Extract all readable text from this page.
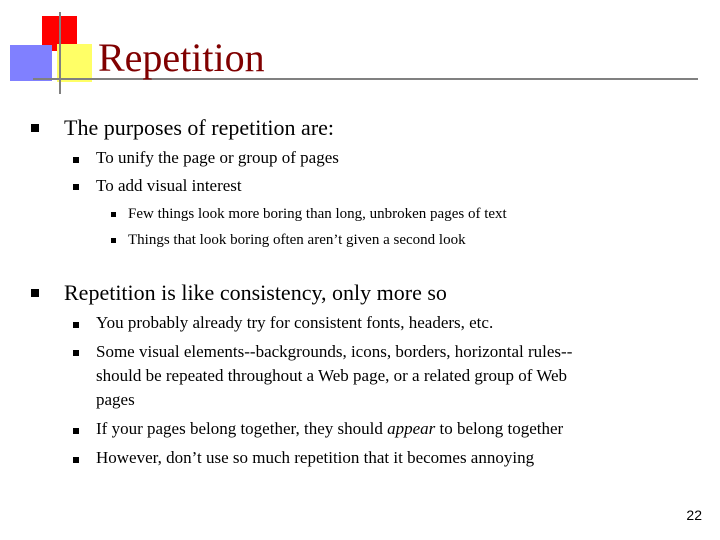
Repetition
The purposes of repetition are:
To unify the page or group of pages
To add visual interest
Few things look more boring than long, unbroken pages of text
Things that look boring often aren’t given a second look
Repetition is like consistency, only more so
You probably already try for consistent fonts, headers, etc.
Some visual elements--backgrounds, icons, borders, horizontal rules--
should be repeated throughout a Web page, or a related group of Web
pages
If your pages belong together, they should appear to belong together
However, don’t use so much repetition that it becomes annoying
22
